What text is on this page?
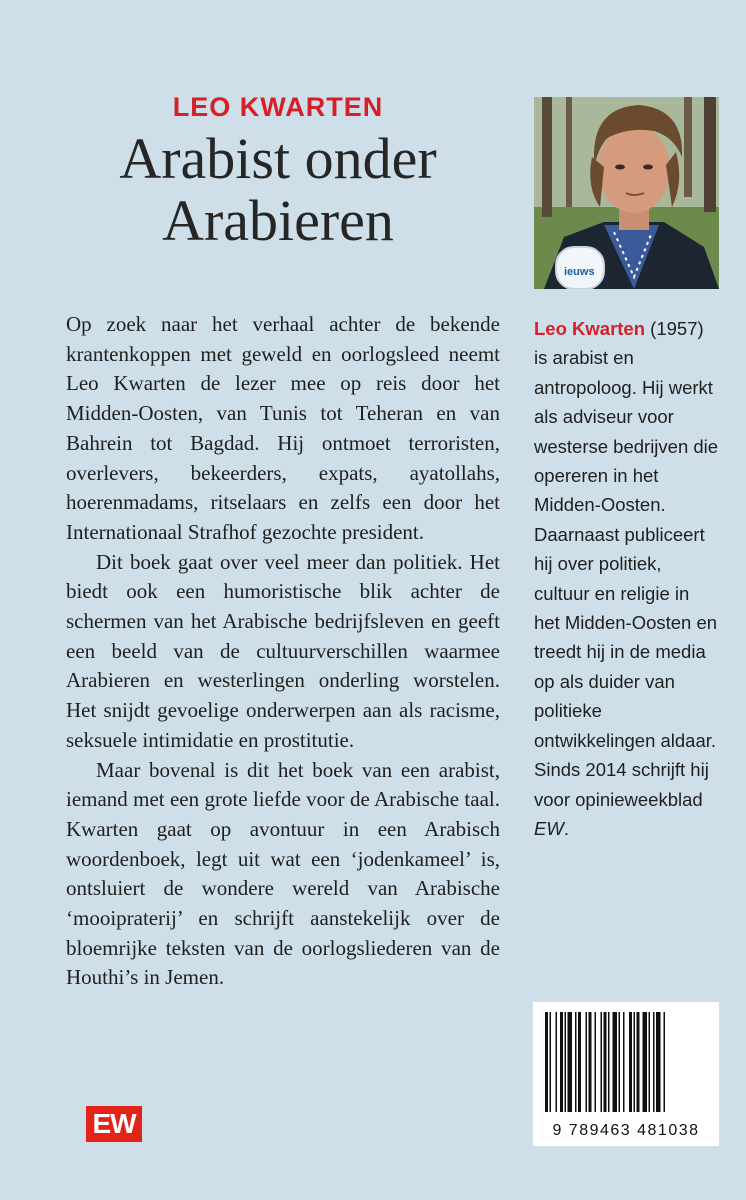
LEO KWARTEN
Arabist onder
Arabieren
ieuws

Op zoek naar het verhaal achter de bekende krantenkoppen met geweld en oorlogsleed neemt Leo Kwarten de lezer mee op reis door het Midden-Oosten, van Tunis tot Teheran en van Bahrein tot Bagdad. Hij ontmoet terroristen, overlevers, bekeerders, expats, ayatollahs, hoerenmadams, ritselaars en zelfs een door het Internationaal Strafhof gezochte president.

Dit boek gaat over veel meer dan politiek. Het biedt ook een humoristische blik achter de schermen van het Arabische bedrijfsleven en geeft een beeld van de cultuurverschillen waarmee Arabieren en westerlingen onderling worstelen. Het snijdt gevoelige onderwerpen aan als racisme, seksuele intimidatie en prostitutie.

Maar bovenal is dit het boek van een arabist, iemand met een grote liefde voor de Arabische taal. Kwarten gaat op avontuur in een Arabisch woordenboek, legt uit wat een ‘jodenkameel’ is, ontsluiert de wondere wereld van Arabische ‘mooipraterij’ en schrijft aanstekelijk over de bloemrijke teksten van de oorlogsliederen van de Houthi’s in Jemen.

Leo Kwarten (1957) is arabist en antropoloog. Hij werkt als adviseur voor westerse bedrijven die opereren in het Midden-Oosten. Daarnaast publiceert hij over politiek, cultuur en religie in het Midden-Oosten en treedt hij in de media op als duider van politieke ontwikkelingen aldaar. Sinds 2014 schrijft hij voor opinieweekblad EW.
9 789463 481038
EW
